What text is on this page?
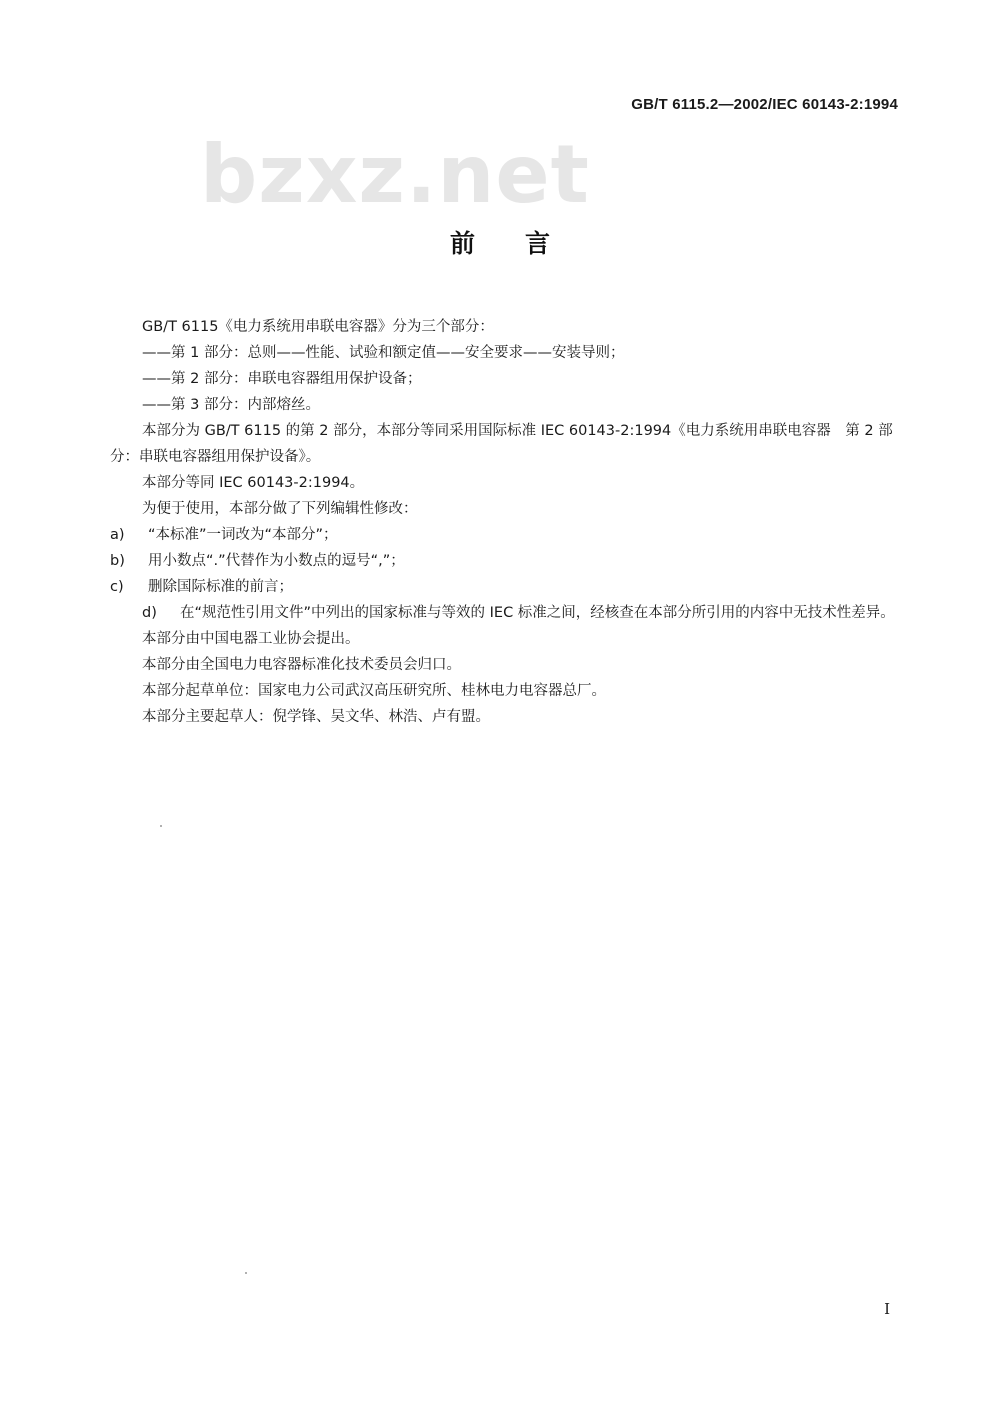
GB/T 6115.2—2002/IEC 60143-2:1994
bzxz.net
前言

GB/T 6115《电力系统用串联电容器》分为三个部分：

——第 1 部分：总则——性能、试验和额定值——安全要求——安装导则；

——第 2 部分：串联电容器组用保护设备；

——第 3 部分：内部熔丝。

本部分为 GB/T 6115 的第 2 部分，本部分等同采用国际标准 IEC 60143-2:1994《电力系统用串联电容器　第 2 部分：串联电容器组用保护设备》。

本部分等同 IEC 60143-2:1994。

为便于使用，本部分做了下列编辑性修改：

a) “本标准”一词改为“本部分”；

b) 用小数点“.”代替作为小数点的逗号“,”；

c) 删除国际标准的前言；

d) 在“规范性引用文件”中列出的国家标准与等效的 IEC 标准之间，经核查在本部分所引用的内容中无技术性差异。

本部分由中国电器工业协会提出。

本部分由全国电力电容器标准化技术委员会归口。

本部分起草单位：国家电力公司武汉高压研究所、桂林电力电容器总厂。

本部分主要起草人：倪学锋、吴文华、林浩、卢有盟。

I
